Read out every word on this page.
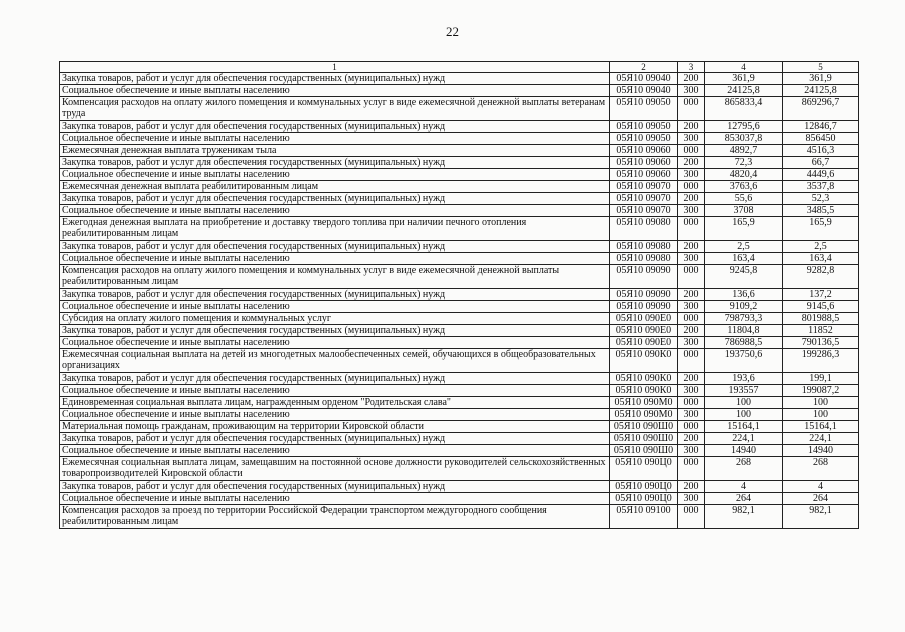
22
1	2	3	4	5
Закупка товаров, работ и услуг для обеспечения государственных (муниципальных) нужд	05Я10 09040	200	361,9	361,9
Социальное обеспечение и иные выплаты населению	05Я10 09040	300	24125,8	24125,8
Компенсация расходов на оплату жилого помещения и коммунальных услуг в виде ежемесячной денежной выплаты ветеранам труда	05Я10 09050	000	865833,4	869296,7
Закупка товаров, работ и услуг для обеспечения государственных (муниципальных) нужд	05Я10 09050	200	12795,6	12846,7
Социальное обеспечение и иные выплаты населению	05Я10 09050	300	853037,8	856450
Ежемесячная денежная выплата труженикам тыла	05Я10 09060	000	4892,7	4516,3
Закупка товаров, работ и услуг для обеспечения государственных (муниципальных) нужд	05Я10 09060	200	72,3	66,7
Социальное обеспечение и иные выплаты населению	05Я10 09060	300	4820,4	4449,6
Ежемесячная денежная выплата реабилитированным лицам	05Я10 09070	000	3763,6	3537,8
Закупка товаров, работ и услуг для обеспечения государственных (муниципальных) нужд	05Я10 09070	200	55,6	52,3
Социальное обеспечение и иные выплаты населению	05Я10 09070	300	3708	3485,5
Ежегодная денежная выплата на приобретение и доставку твердого топлива при наличии печного отопления реабилитированным лицам	05Я10 09080	000	165,9	165,9
Закупка товаров, работ и услуг для обеспечения государственных (муниципальных) нужд	05Я10 09080	200	2,5	2,5
Социальное обеспечение и иные выплаты населению	05Я10 09080	300	163,4	163,4
Компенсация расходов на оплату жилого помещения и коммунальных услуг в виде ежемесячной денежной выплаты реабилитированным лицам	05Я10 09090	000	9245,8	9282,8
Закупка товаров, работ и услуг для обеспечения государственных (муниципальных) нужд	05Я10 09090	200	136,6	137,2
Социальное обеспечение и иные выплаты населению	05Я10 09090	300	9109,2	9145,6
Субсидия на оплату жилого помещения и коммунальных услуг	05Я10 090Е0	000	798793,3	801988,5
Закупка товаров, работ и услуг для обеспечения государственных (муниципальных) нужд	05Я10 090Е0	200	11804,8	11852
Социальное обеспечение и иные выплаты населению	05Я10 090Е0	300	786988,5	790136,5
Ежемесячная социальная выплата на детей из многодетных малообеспеченных семей, обучающихся в общеобразовательных организациях	05Я10 090К0	000	193750,6	199286,3
Закупка товаров, работ и услуг для обеспечения государственных (муниципальных) нужд	05Я10 090К0	200	193,6	199,1
Социальное обеспечение и иные выплаты населению	05Я10 090К0	300	193557	199087,2
Единовременная социальная выплата лицам, награжденным орденом "Родительская слава"	05Я10 090М0	000	100	100
Социальное обеспечение и иные выплаты населению	05Я10 090М0	300	100	100
Материальная помощь гражданам, проживающим на территории Кировской области	05Я10 090Ш0	000	15164,1	15164,1
Закупка товаров, работ и услуг для обеспечения государственных (муниципальных) нужд	05Я10 090Ш0	200	224,1	224,1
Социальное обеспечение и иные выплаты населению	05Я10 090Ш0	300	14940	14940
Ежемесячная социальная выплата лицам, замещавшим на постоянной основе должности руководителей сельскохозяйственных товаропроизводителей Кировской области	05Я10 090Ц0	000	268	268
Закупка товаров, работ и услуг для обеспечения государственных (муниципальных) нужд	05Я10 090Ц0	200	4	4
Социальное обеспечение и иные выплаты населению	05Я10 090Ц0	300	264	264
Компенсация расходов за проезд по территории Российской Федерации транспортом междугородного сообщения реабилитированным лицам	05Я10 09100	000	982,1	982,1
